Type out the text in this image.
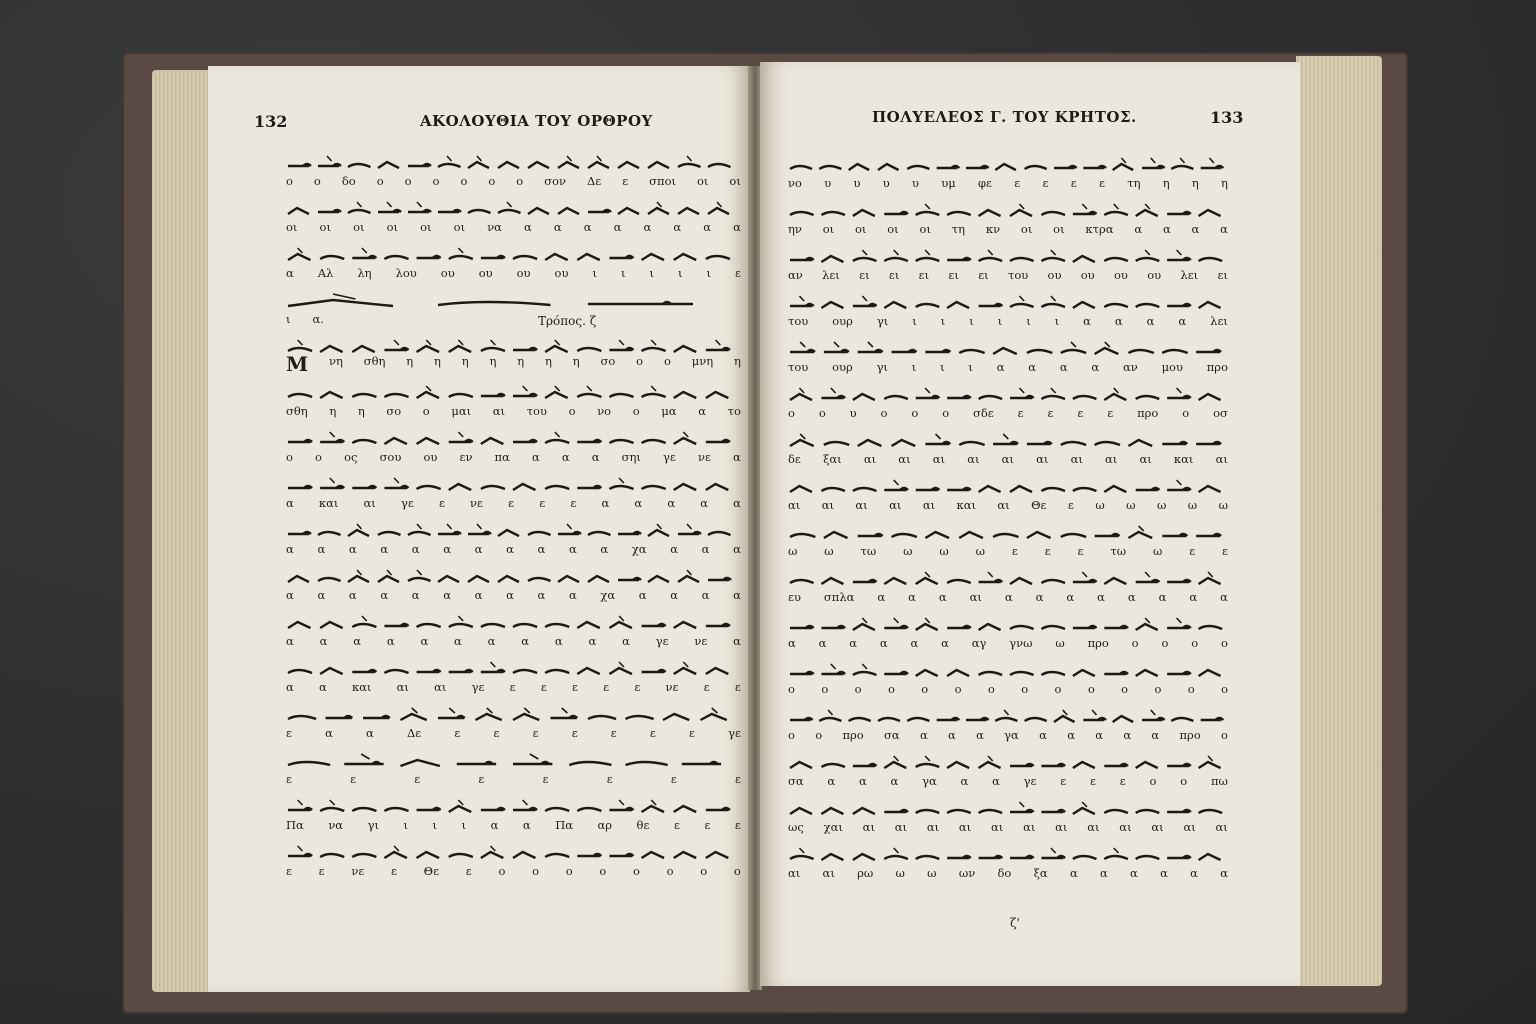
132	ΑΚΟΛΟΥΘΙΑ ΤΟΥ ΟΡΘΡΟΥ
ο ο δο ο ο ο ο ο ο σον Δε ε σποι οι οι
οι οι οι οι οι οι να α α α α α α α α
α Αλ λη λου ου ου ου ου ι ι ι ι ι ε
ι α.
Μ νη σθη η η η η η η η σο ο ο μνη η
σθη η η σο ο μαι αι του ο νο ο μα α το
ο ο ος σου ου εν πα α α α σηι γε νε α
α και αι γε ε νε ε ε ε α α α α α
α α α α α α α α α α α χα α α α
α α α α α α α α α α χα α α α α
α α α α α α α α α α α γε νε α
α α και αι αι γε ε ε ε ε ε νε ε ε
ε	α	α	Δε	ε	ε	ε	ε	ε	ε	ε	γε
ε	ε	ε	ε	ε	ε	ε	ε
Πα να γι ι ι ι α α Πα αρ θε ε ε ε
ε ε νε ε Θε ε ο ο ο ο ο ο ο ο
Τρόπος. ζ
ΠΟΛΥΕΛΕΟΣ Γ. ΤΟΥ ΚΡΗΤΟΣ.	133
νο υ υ υ υ υμ φε ε ε ε ε τη η η η
ην οι οι οι οι τη κν οι οι κτρα α α α α
αν λει ει ει ει ει ει του ου ου ου ου λει ει
του ουρ γι ι ι ι ι ι ι α α α α λει
του ουρ γι ι ι ι α α α α αν μου προ
ο ο υ ο ο ο σδε ε ε ε ε προ ο οσ
δε ξαι αι αι αι αι αι αι αι αι αι και αι
αι αι αι αι αι και αι Θε ε ω ω ω ω ω
ω ω τω ω ω ω ε ε ε τω ω ε ε
ευ σπλα α α α αι α α α α α α α α
α α α α α α αγ γνω ω προ ο ο ο ο
ο ο ο ο ο ο ο ο ο ο ο ο ο ο
ο ο προ σα α α α γα α α α α α προ ο
σα α α α γα α α γε ε ε ε ο ο πω
ως χαι αι αι αι αι αι αι αι αι αι αι αι αι
αι αι ρω ω ω ων δο ξα α α α α α α
ζ'
